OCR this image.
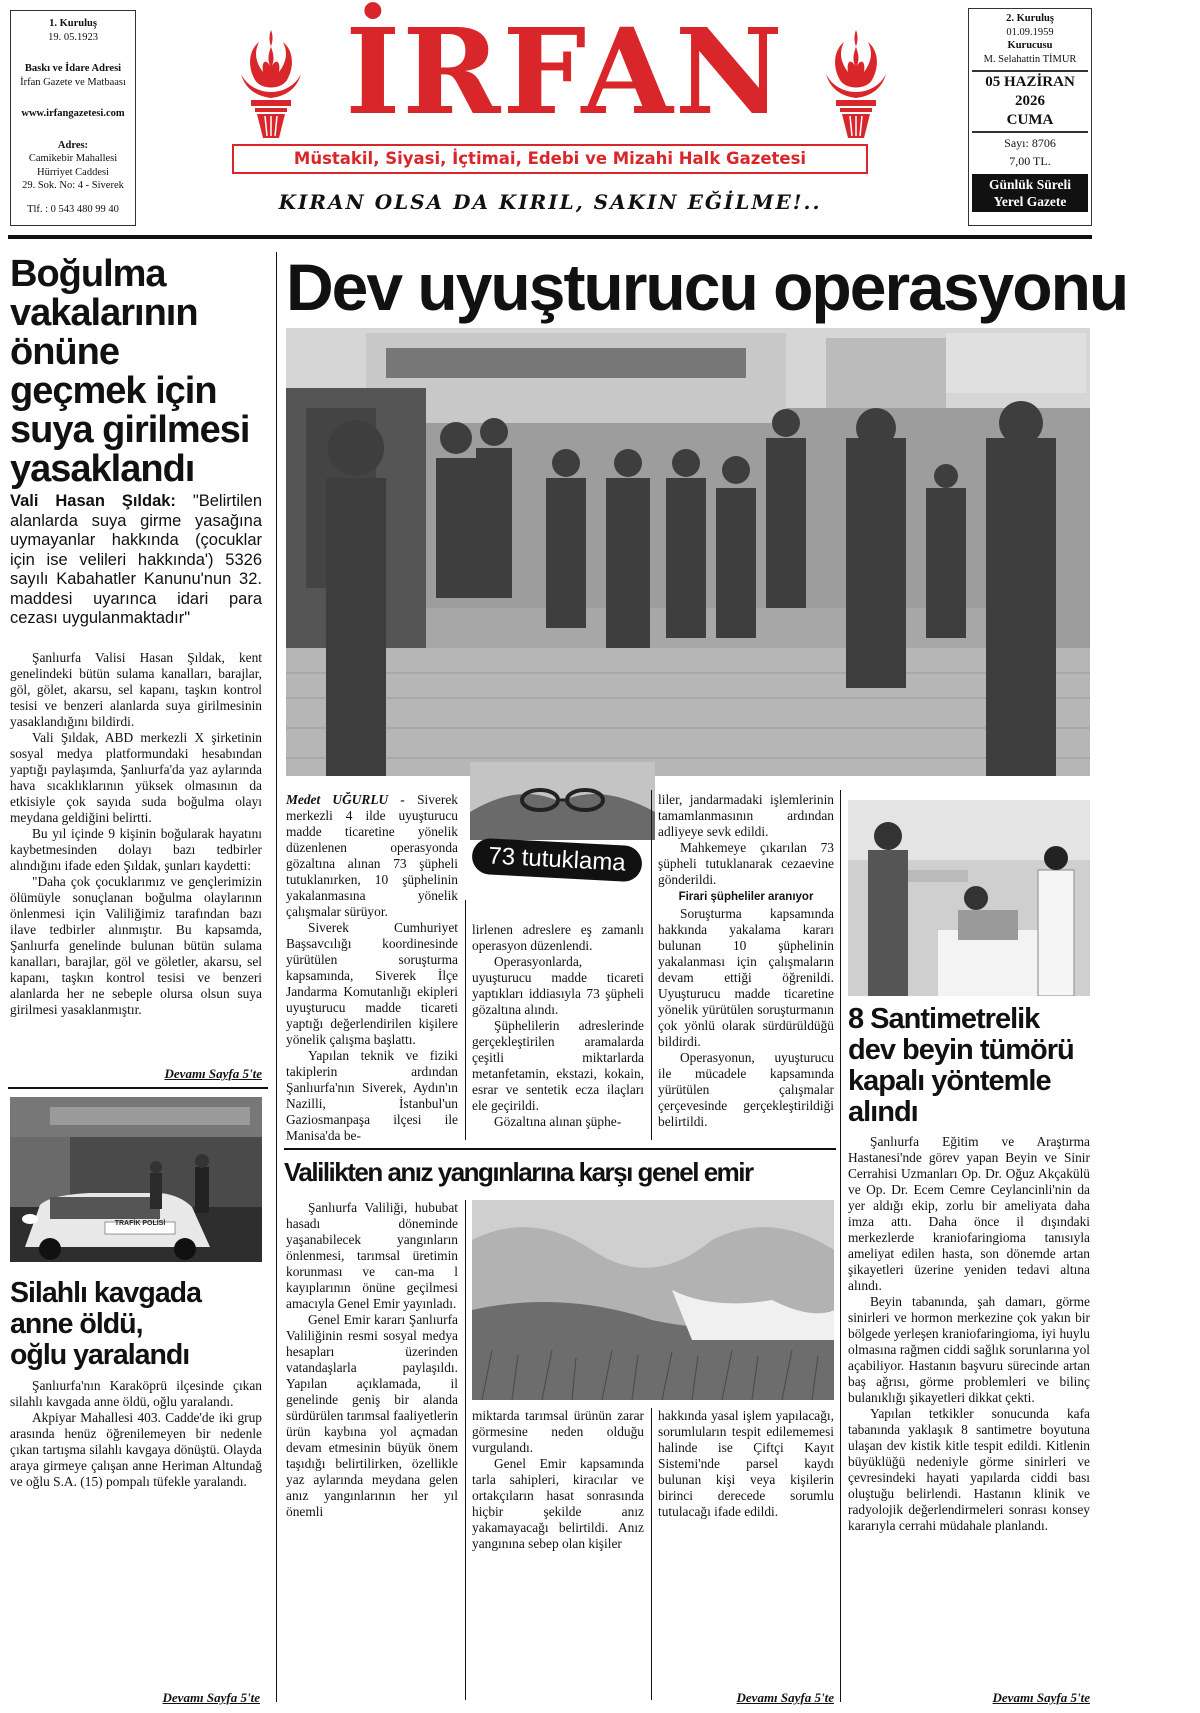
1. Kuruluş
19. 05.1923
Baskı ve İdare Adresi
İrfan Gazete ve Matbaası
www.irfangazetesi.com
Adres:
Camikebir Mahallesi
Hürriyet Caddesi
29. Sok. No: 4 - Siverek
Tlf. : 0 543 480 99 40
İRFAN
Müstakil, Siyasi, İçtimai, Edebi ve Mizahi Halk Gazetesi
KIRAN OLSA DA KIRIL, SAKIN EĞİLME!..
2. Kuruluş
01.09.1959
Kurucusu
M. Selahattin TİMUR
05 HAZİRAN
2026
CUMA
Sayı: 8706
7,00 TL.
Günlük Süreli
Yerel Gazete
Boğulma
vakalarının
önüne
geçmek için
suya girilmesi
yasaklandı
Vali Hasan Şıldak: "Belirtilen alanlarda suya girme yasağına uymayanlar hakkında (çocuklar için ise velileri hakkında') 5326 sayılı Kabahatler Kanunu'nun 32. maddesi uyarınca idari para cezası uygulanmaktadır"

Şanlıurfa Valisi Hasan Şıldak, kent genelindeki bütün sulama kanalları, barajlar, göl, gölet, akarsu, sel kapanı, taşkın kontrol tesisi ve benzeri alanlarda suya girilmesinin yasaklandığını bildirdi.

Vali Şıldak, ABD merkezli X şirketinin sosyal medya platformundaki hesabından yaptığı paylaşımda, Şanlıurfa'da yaz aylarında hava sıcaklıklarının yüksek olmasının da etkisiyle çok sayıda suda boğulma olayı meydana geldiğini belirtti.

Bu yıl içinde 9 kişinin boğularak hayatını kaybetmesinden dolayı bazı tedbirler alındığını ifade eden Şıldak, şunları kaydetti:

"Daha çok çocuklarımız ve gençlerimizin ölümüyle sonuçlanan boğulma olaylarının önlenmesi için Valiliğimiz tarafından bazı ilave tedbirler alınmıştır. Bu kapsamda, Şanlıurfa genelinde bulunan bütün sulama kanalları, barajlar, göl ve göletler, akarsu, sel kapanı, taşkın kontrol tesisi ve benzeri alanlarda her ne sebeple olursa olsun suya girilmesi yasaklanmıştır.

Devamı Sayfa 5'te
TRAFİK POLİSİ
Silahlı kavgada
anne öldü,
oğlu yaralandı

Şanlıurfa'nın Karaköprü ilçesinde çıkan silahlı kavgada anne öldü, oğlu yaralandı.

Akpiyar Mahallesi 403. Cadde'de iki grup arasında henüz öğrenilemeyen bir nedenle çıkan tartışma silahlı kavgaya dönüştü. Olayda araya girmeye çalışan anne Heriman Altundağ ve oğlu S.A. (15) pompalı tüfekle yaralandı.

Devamı Sayfa 5'te
Dev uyuşturucu operasyonu
73 tutuklama

Medet UĞURLU - Siverek merkezli 4 ilde uyuşturucu madde ticaretine yönelik düzenlenen operasyonda gözaltına alınan 73 şüpheli tutuklanırken, 10 şüphelinin yakalanmasına yönelik çalışmalar sürüyor.

Siverek Cumhuriyet Başsavcılığı koordinesinde yürütülen soruşturma kapsamında, Siverek İlçe Jandarma Komutanlığı ekipleri uyuşturucu madde ticareti yaptığı değerlendirilen kişilere yönelik çalışma başlattı.

Yapılan teknik ve fiziki takiplerin ardından Şanlıurfa'nın Siverek, Aydın'ın Nazilli, İstanbul'un Gaziosmanpaşa ilçesi ile Manisa'da be-

lirlenen adreslere eş zamanlı operasyon düzenlendi.

Operasyonlarda, uyuşturucu madde ticareti yaptıkları iddiasıyla 73 şüpheli gözaltına alındı.

Şüphelilerin adreslerinde gerçekleştirilen aramalarda çeşitli miktarlarda metanfetamin, ekstazi, kokain, esrar ve sentetik ecza ilaçları ele geçirildi.

Gözaltına alınan şüphe-

liler, jandarmadaki işlemlerinin tamamlanmasının ardından adliyeye sevk edildi.

Mahkemeye çıkarılan 73 şüpheli tutuklanarak cezaevine gönderildi.

Firari şüpheliler aranıyor

Soruşturma kapsamında hakkında yakalama kararı bulunan 10 şüphelinin yakalanması için çalışmaların devam ettiği öğrenildi. Uyuşturucu madde ticaretine yönelik yürütülen soruşturmanın çok yönlü olarak sürdürüldüğü bildirdi.

Operasyonun, uyuşturucu ile mücadele kapsamında yürütülen çalışmalar çerçevesinde gerçekleştirildiği belirtildi.

Valilikten anız yangınlarına karşı genel emir

Şanlıurfa Valiliği, hububat hasadı döneminde yaşanabilecek yangınların önlenmesi, tarımsal üretimin korunması ve can-ma l kayıplarının önüne geçilmesi amacıyla Genel Emir yayınladı.

Genel Emir kararı Şanlıurfa Valiliğinin resmi sosyal medya hesapları üzerinden vatandaşlarla paylaşıldı. Yapılan açıklamada, il genelinde geniş bir alanda sürdürülen tarımsal faaliyetlerin ürün kaybına yol açmadan devam etmesinin büyük önem taşıdığı belirtilirken, özellikle yaz aylarında meydana gelen anız yangınlarının her yıl önemli

miktarda tarımsal ürünün zarar görmesine neden olduğu vurgulandı.

Genel Emir kapsamında tarla sahipleri, kiracılar ve ortakçıların hasat sonrasında hiçbir şekilde anız yakamayacağı belirtildi. Anız yangınına sebep olan kişiler

hakkında yasal işlem yapılacağı, sorumluların tespit edilememesi halinde ise Çiftçi Kayıt Sistemi'nde parsel kaydı bulunan kişi veya kişilerin birinci derecede sorumlu tutulacağı ifade edildi.

Devamı Sayfa 5'te
8 Santimetrelik
dev beyin tümörü
kapalı yöntemle
alındı

Şanlıurfa Eğitim ve Araştırma Hastanesi'nde görev yapan Beyin ve Sinir Cerrahisi Uzmanları Op. Dr. Oğuz Akçakülü ve Op. Dr. Ecem Cemre Ceylancinli'nin da yer aldığı ekip, zorlu bir ameliyata daha imza attı. Daha önce il dışındaki merkezlerde kraniofaringioma tanısıyla ameliyat edilen hasta, son dönemde artan şikayetleri üzerine yeniden tedavi altına alındı.

Beyin tabanında, şah damarı, görme sinirleri ve hormon merkezine çok yakın bir bölgede yerleşen kraniofaringioma, iyi huylu olmasına rağmen ciddi sağlık sorunlarına yol açabiliyor. Hastanın başvuru sürecinde artan baş ağrısı, görme problemleri ve bilinç bulanıklığı şikayetleri dikkat çekti.

Yapılan tetkikler sonucunda kafa tabanında yaklaşık 8 santimetre boyutuna ulaşan dev kistik kitle tespit edildi. Kitlenin büyüklüğü nedeniyle görme sinirleri ve çevresindeki hayati yapılarda ciddi bası oluştuğu belirlendi. Hastanın klinik ve radyolojik değerlendirmeleri sonrası konsey kararıyla cerrahi müdahale planlandı.

Devamı Sayfa 5'te
